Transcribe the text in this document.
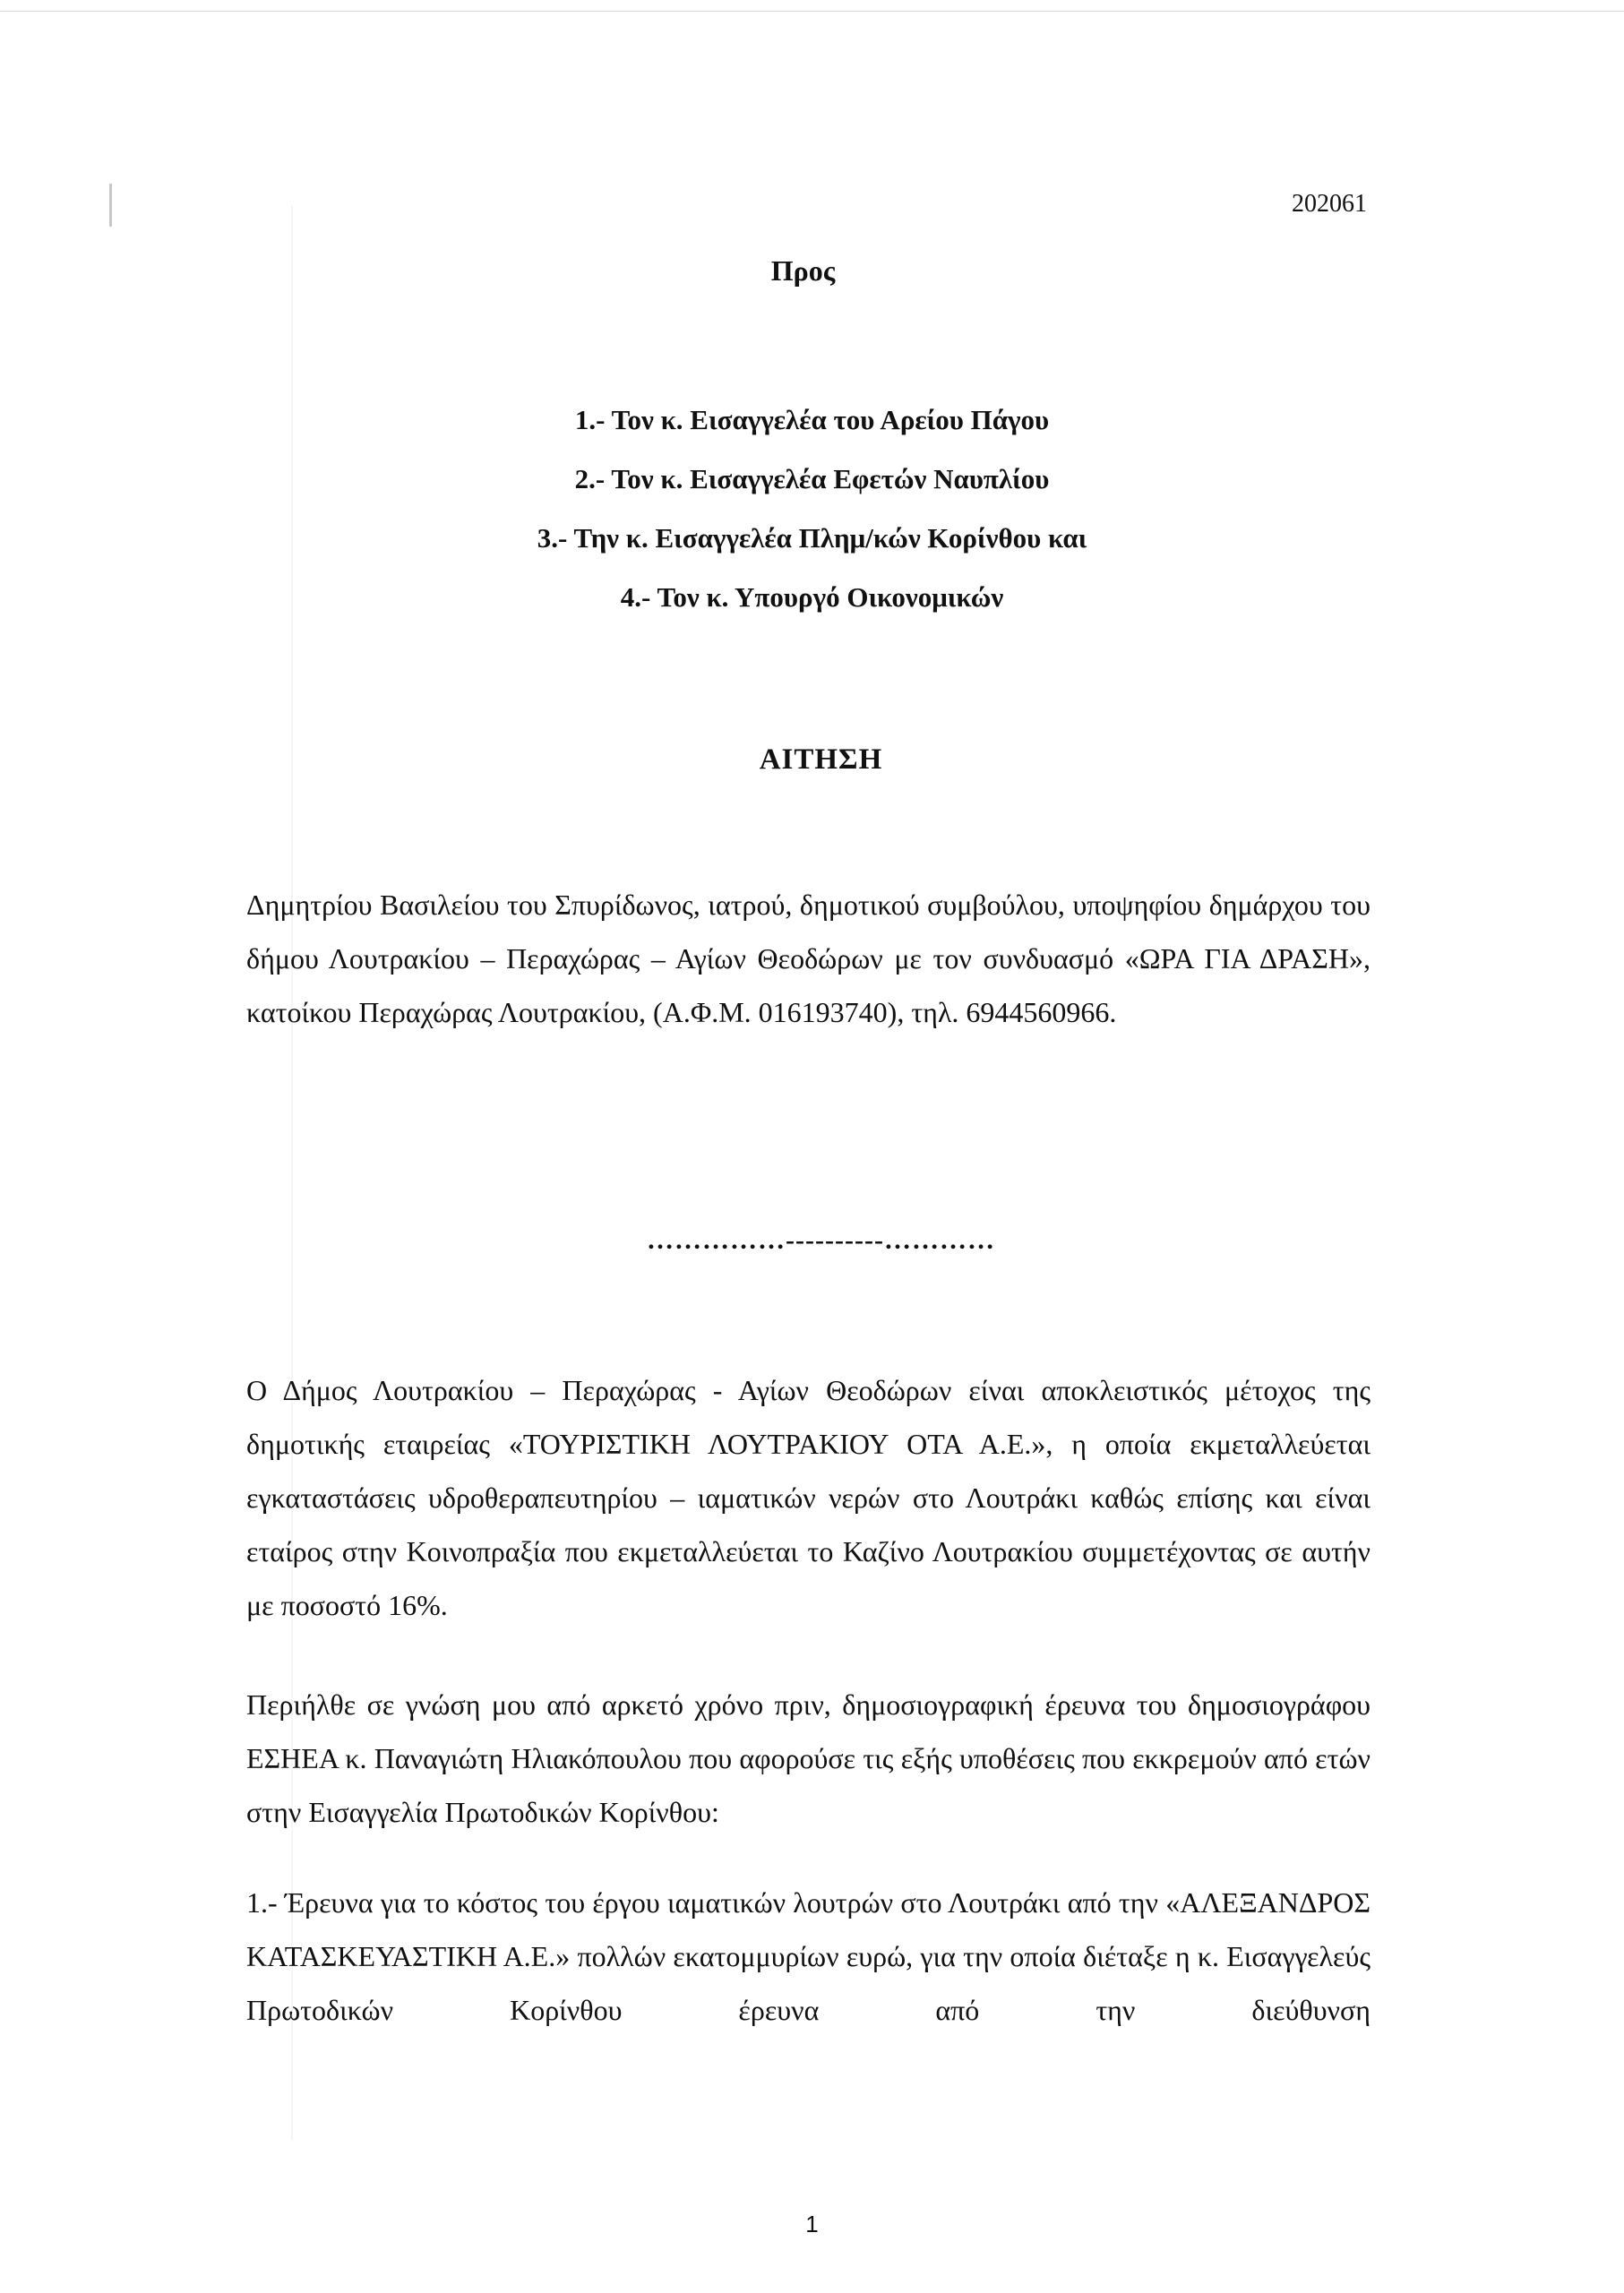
202061
Προς
1.- Τον κ. Εισαγγελέα του Αρείου Πάγου
2.- Τον κ. Εισαγγελέα Εφετών Ναυπλίου
3.- Την κ. Εισαγγελέα Πλημ/κών Κορίνθου και
4.- Τον κ. Υπουργό Οικονομικών
ΑΙΤΗΣΗ

Δημητρίου Βασιλείου του Σπυρίδωνος, ιατρού, δημοτικού συμβούλου, υποψηφίου δημάρχου του δήμου Λουτρακίου – Περαχώρας – Αγίων Θεοδώρων με τον συνδυασμό «ΩΡΑ ΓΙΑ ΔΡΑΣΗ», κατοίκου Περαχώρας Λουτρακίου, (Α.Φ.Μ. 016193740), τηλ. 6944560966.

……………----------…………

Ο Δήμος Λουτρακίου – Περαχώρας - Αγίων Θεοδώρων είναι αποκλειστικός μέτοχος της δημοτικής εταιρείας «ΤΟΥΡΙΣΤΙΚΗ ΛΟΥΤΡΑΚΙΟΥ ΟΤΑ Α.Ε.», η οποία εκμεταλλεύεται εγκαταστάσεις υδροθεραπευτηρίου – ιαματικών νερών στο Λουτράκι καθώς επίσης και είναι εταίρος στην Κοινοπραξία που εκμεταλλεύεται το Καζίνο Λουτρακίου συμμετέχοντας σε αυτήν με ποσοστό 16%.

Περιήλθε σε γνώση μου από αρκετό χρόνο πριν, δημοσιογραφική έρευνα του δημοσιογράφου ΕΣΗΕΑ κ. Παναγιώτη Ηλιακόπουλου που αφορούσε τις εξής υποθέσεις που εκκρεμούν από ετών στην Εισαγγελία Πρωτοδικών Κορίνθου:

1.- Έρευνα για το κόστος του έργου ιαματικών λουτρών στο Λουτράκι από την «ΑΛΕΞΑΝΔΡΟΣ ΚΑΤΑΣΚΕΥΑΣΤΙΚΗ Α.Ε.» πολλών εκατομμυρίων ευρώ, για την οποία διέταξε η κ. Εισαγγελεύς Πρωτοδικών Κορίνθου έρευνα από την διεύθυνση

1
